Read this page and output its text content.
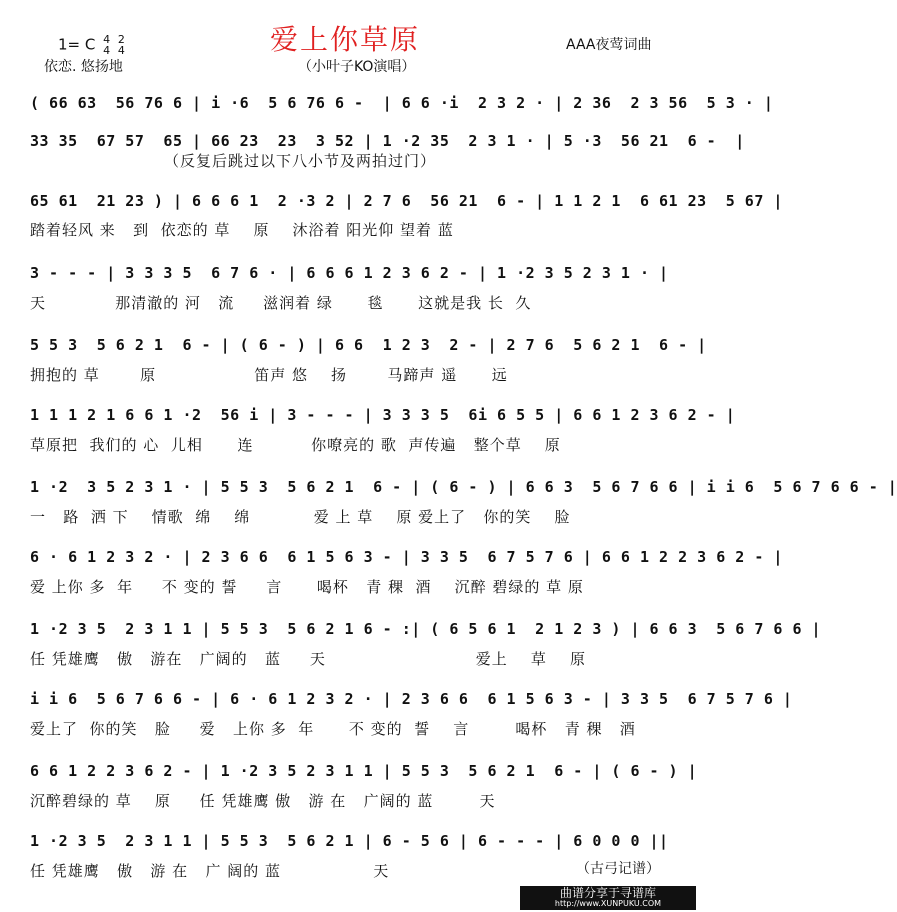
爱上你草原
（小叶子KO演唱）
1= C 4
4 2
4
依恋. 悠扬地
AAA夜莺词曲
( 66 63  56 76 6 | i ·6  5 6 76 6 -  | 6 6 ·i  2 3 2 · | 2 36  2 3 56  5 3 · |
（反复后跳过以下八小节及两拍过门）
33 35  67 57  65 | 66 23  23  3 52 | 1 ·2 35  2 3 1 · | 5 ·3  56 21  6 -  |
65 61  21 23 ) | 6 6 6 1  2 ·3 2 | 2 7 6  56 21  6 - | 1 1 2 1  6 61 23  5 67 |
踏着轻风 来   到  依恋的 草    原    沐浴着 阳光仰 望着 蓝
3 - - - | 3 3 3 5  6 7 6 · | 6 6 6 1 2 3 6 2 - | 1 ·2 3 5 2 3 1 · |
天            那清澈的 河   流     滋润着 绿      毯      这就是我 长  久
5 5 3  5 6 2 1  6 - | ( 6 - ) | 6 6  1 2 3  2 - | 2 7 6  5 6 2 1  6 - |
拥抱的 草       原                 笛声 悠    扬       马蹄声 遥      远
1 1 1 2 1 6 6 1 ·2  56 i | 3 - - - | 3 3 3 5  6i 6 5 5 | 6 6 1 2 3 6 2 - |
草原把  我们的 心  儿相      连          你嘹亮的 歌  声传遍   整个草    原
1 ·2  3 5 2 3 1 · | 5 5 3  5 6 2 1  6 - | ( 6 - ) | 6 6 3  5 6 7 6 6 | i i 6  5 6 7 6 6 - |
一   路  洒 下    情歌  绵    绵           爱 上 草    原 爱上了   你的笑    脸
6 · 6 1 2 3 2 · | 2 3 6 6  6 1 5 6 3 - | 3 3 5  6 7 5 7 6 | 6 6 1 2 2 3 6 2 - |
爱 上你 多  年     不 变的 誓     言      喝杯   青 稞  酒    沉醉 碧绿的 草 原
1 ·2 3 5  2 3 1 1 | 5 5 3  5 6 2 1 6 - :| ( 6 5 6 1  2 1 2 3 ) | 6 6 3  5 6 7 6 6 |
任 凭雄鹰   傲   游在   广阔的   蓝     天                          爱上    草    原
i i 6  5 6 7 6 6 - | 6 · 6 1 2 3 2 · | 2 3 6 6  6 1 5 6 3 - | 3 3 5  6 7 5 7 6 |
爱上了  你的笑   脸     爱   上你 多  年      不 变的  誓    言        喝杯   青 稞   酒
6 6 1 2 2 3 6 2 - | 1 ·2 3 5 2 3 1 1 | 5 5 3  5 6 2 1  6 - | ( 6 - ) |
沉醉碧绿的 草    原     任 凭雄鹰 傲   游 在   广阔的 蓝        天
1 ·2 3 5  2 3 1 1 | 5 5 3  5 6 2 1 | 6 - 5 6 | 6 - - - | 6 0 0 0 ||
任 凭雄鹰   傲   游 在   广 阔的 蓝                天	（古弓记谱）
曲谱分享于寻谱库
http://www.XUNPUKU.COM
